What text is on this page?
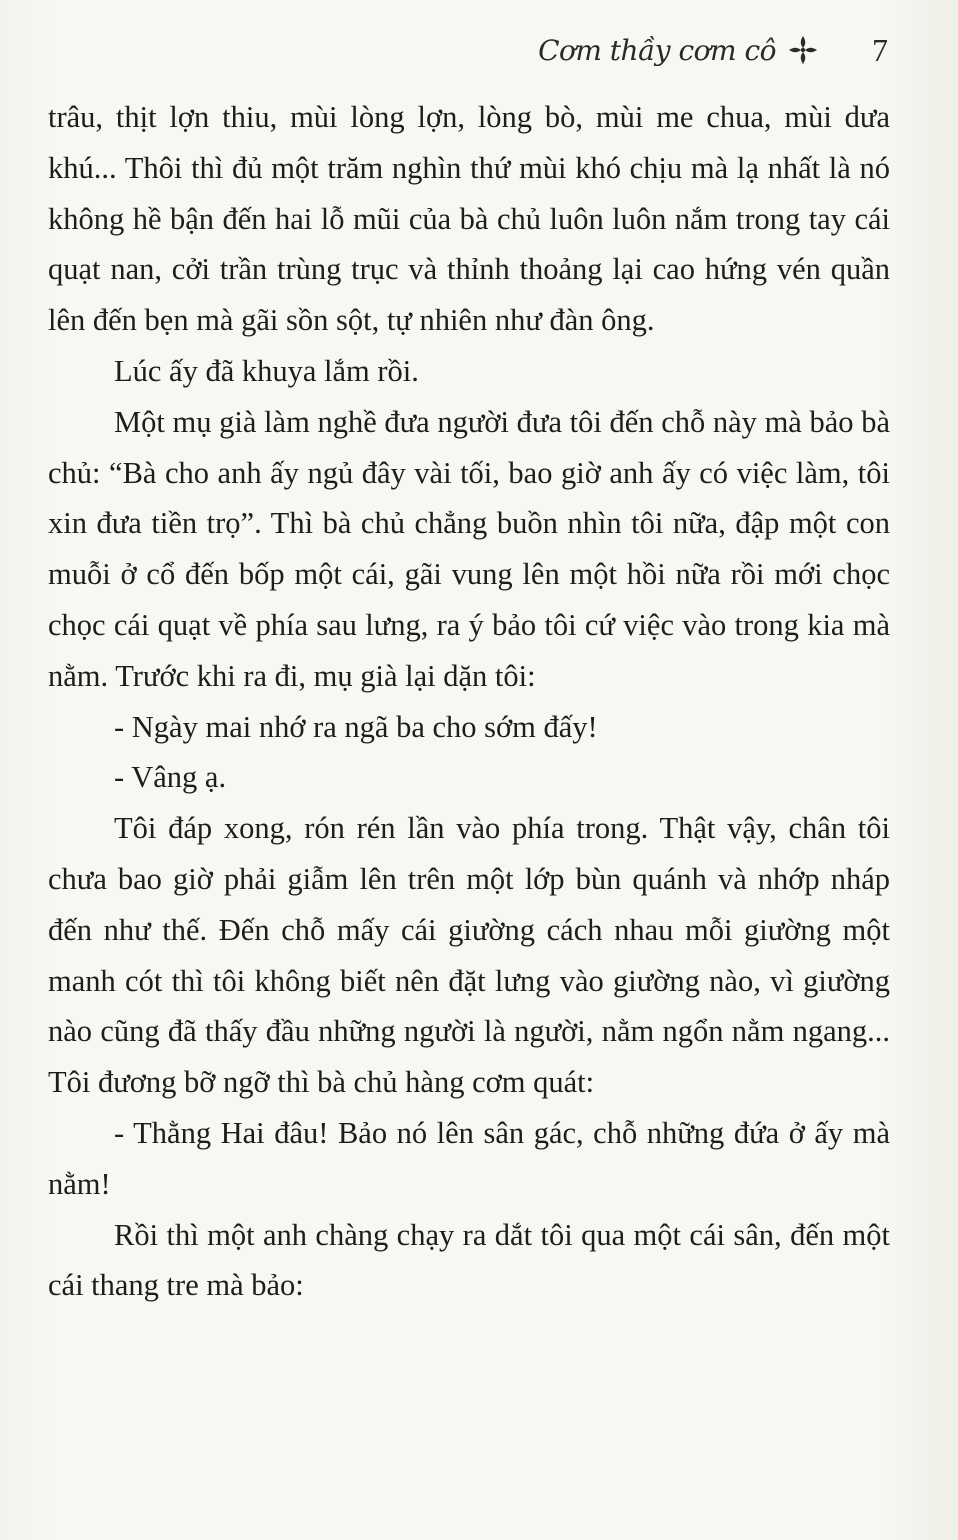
Cơm thầy cơm cô	7

trâu, thịt lợn thiu, mùi lòng lợn, lòng bò, mùi me chua, mùi dưa khú... Thôi thì đủ một trăm nghìn thứ mùi khó chịu mà lạ nhất là nó không hề bận đến hai lỗ mũi của bà chủ luôn luôn nắm trong tay cái quạt nan, cởi trần trùng trục và thỉnh thoảng lại cao hứng vén quần lên đến bẹn mà gãi sồn sột, tự nhiên như đàn ông.

Lúc ấy đã khuya lắm rồi.

Một mụ già làm nghề đưa người đưa tôi đến chỗ này mà bảo bà chủ: “Bà cho anh ấy ngủ đây vài tối, bao giờ anh ấy có việc làm, tôi xin đưa tiền trọ”. Thì bà chủ chẳng buồn nhìn tôi nữa, đập một con muỗi ở cổ đến bốp một cái, gãi vung lên một hồi nữa rồi mới chọc chọc cái quạt về phía sau lưng, ra ý bảo tôi cứ việc vào trong kia mà nằm. Trước khi ra đi, mụ già lại dặn tôi:

- Ngày mai nhớ ra ngã ba cho sớm đấy!

- Vâng ạ.

Tôi đáp xong, rón rén lần vào phía trong. Thật vậy, chân tôi chưa bao giờ phải giẫm lên trên một lớp bùn quánh và nhớp nháp đến như thế. Đến chỗ mấy cái giường cách nhau mỗi giường một manh cót thì tôi không biết nên đặt lưng vào giường nào, vì giường nào cũng đã thấy đầu những người là người, nằm ngổn nằm ngang... Tôi đương bỡ ngỡ thì bà chủ hàng cơm quát:

- Thằng Hai đâu! Bảo nó lên sân gác, chỗ những đứa ở ấy mà nằm!

Rồi thì một anh chàng chạy ra dắt tôi qua một cái sân, đến một cái thang tre mà bảo:
